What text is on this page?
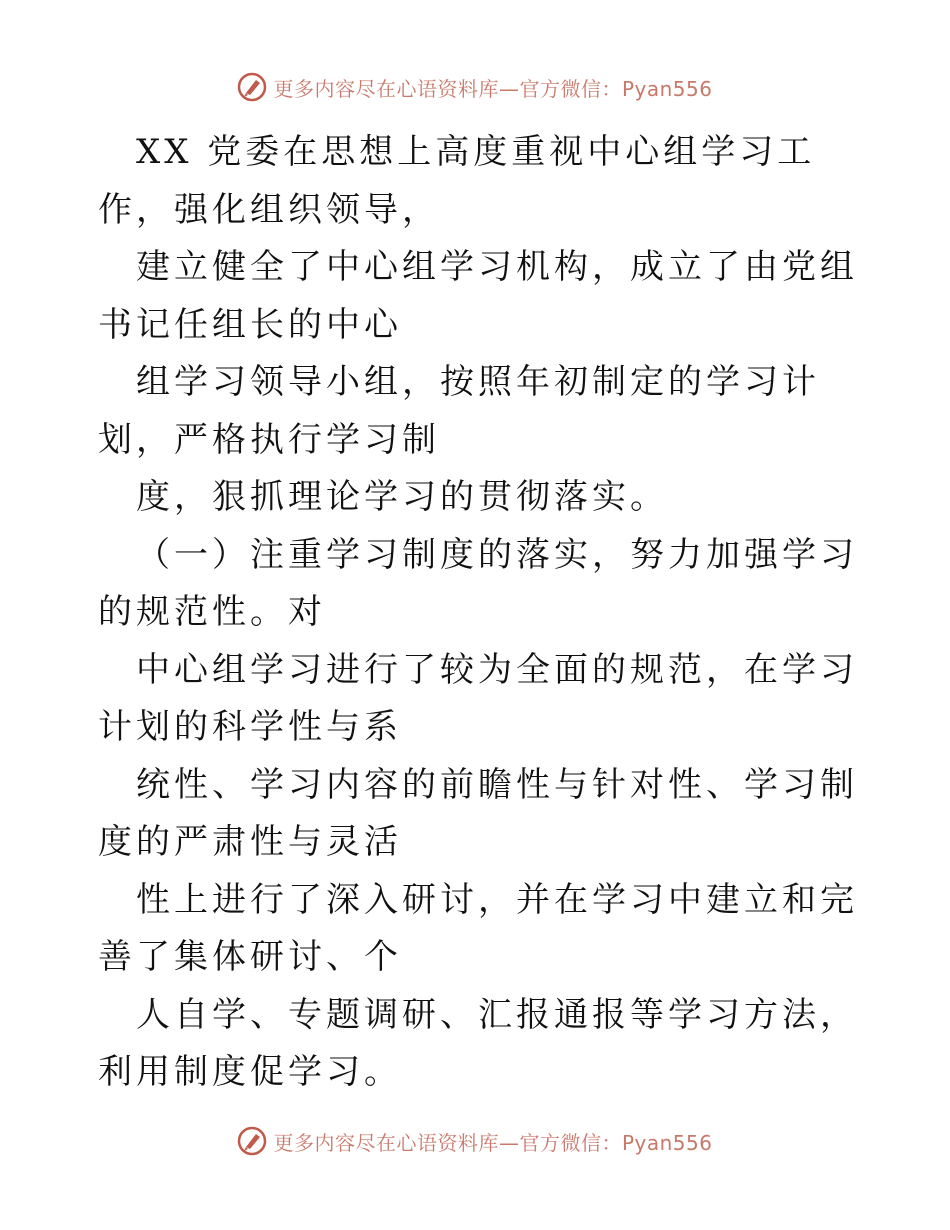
更多内容尽在心语资料库—官方微信：Pyan556

XX 党委在思想上高度重视中心组学习工作，强化组织领导，

建立健全了中心组学习机构，成立了由党组书记任组长的中心

组学习领导小组，按照年初制定的学习计划，严格执行学习制

度，狠抓理论学习的贯彻落实。

（一）注重学习制度的落实，努力加强学习的规范性。对

中心组学习进行了较为全面的规范，在学习计划的科学性与系

统性、学习内容的前瞻性与针对性、学习制度的严肃性与灵活

性上进行了深入研讨，并在学习中建立和完善了集体研讨、个

人自学、专题调研、汇报通报等学习方法，利用制度促学习。

更多内容尽在心语资料库—官方微信：Pyan556
